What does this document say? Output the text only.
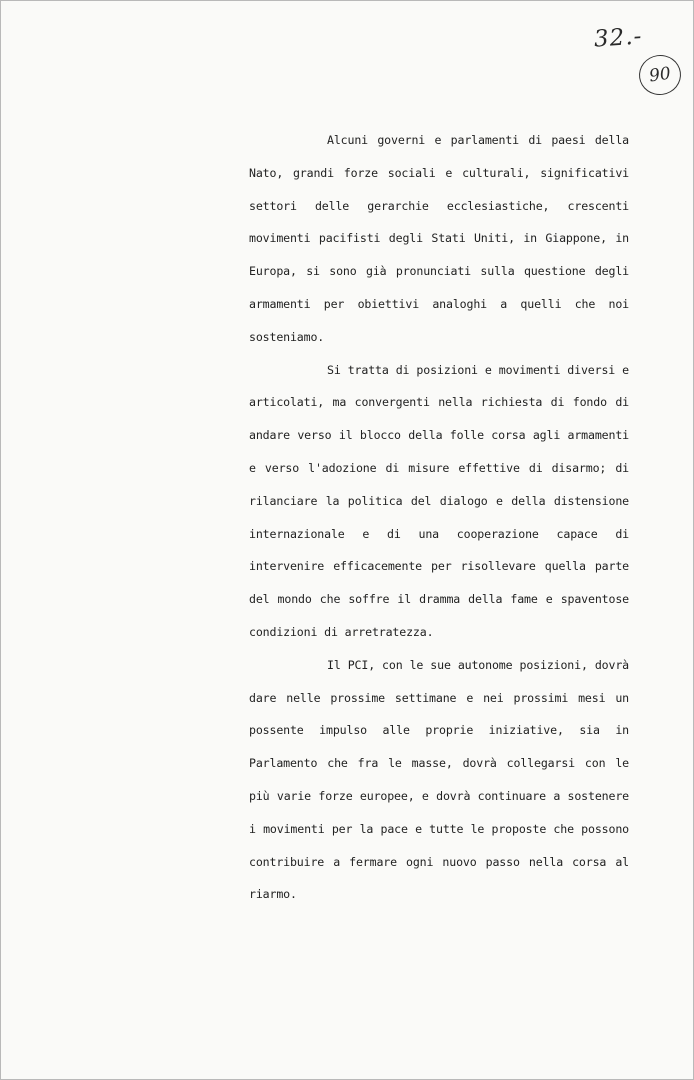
32.-
90

Alcuni governi e parlamenti di paesi della Nato, grandi forze sociali e culturali, significativi settori delle gerarchie ecclesiastiche, crescenti movimenti pacifisti degli Stati Uniti, in Giappone, in Europa, si sono già pronunciati sulla questione degli armamenti per obiettivi analoghi a quelli che noi sosteniamo.

Si tratta di posizioni e movimenti diversi e articolati, ma convergenti nella richiesta di fondo di andare verso il blocco della folle corsa agli armamenti e verso l'adozione di misure effettive di disarmo; di rilanciare la politica del dialogo e della distensione internazionale e di una cooperazione capace di intervenire efficacemente per risollevare quella parte del mondo che soffre il dramma della fame e spaventose condizioni di arretratezza.

Il PCI, con le sue autonome posizioni, dovrà dare nelle prossime settimane e nei prossimi mesi un possente impulso alle proprie iniziative, sia in Parlamento che fra le masse, dovrà collegarsi con le più varie forze europee, e dovrà continuare a sostenere i movimenti per la pace e tutte le proposte che possono contribuire a fermare ogni nuovo passo nella corsa al riarmo.
